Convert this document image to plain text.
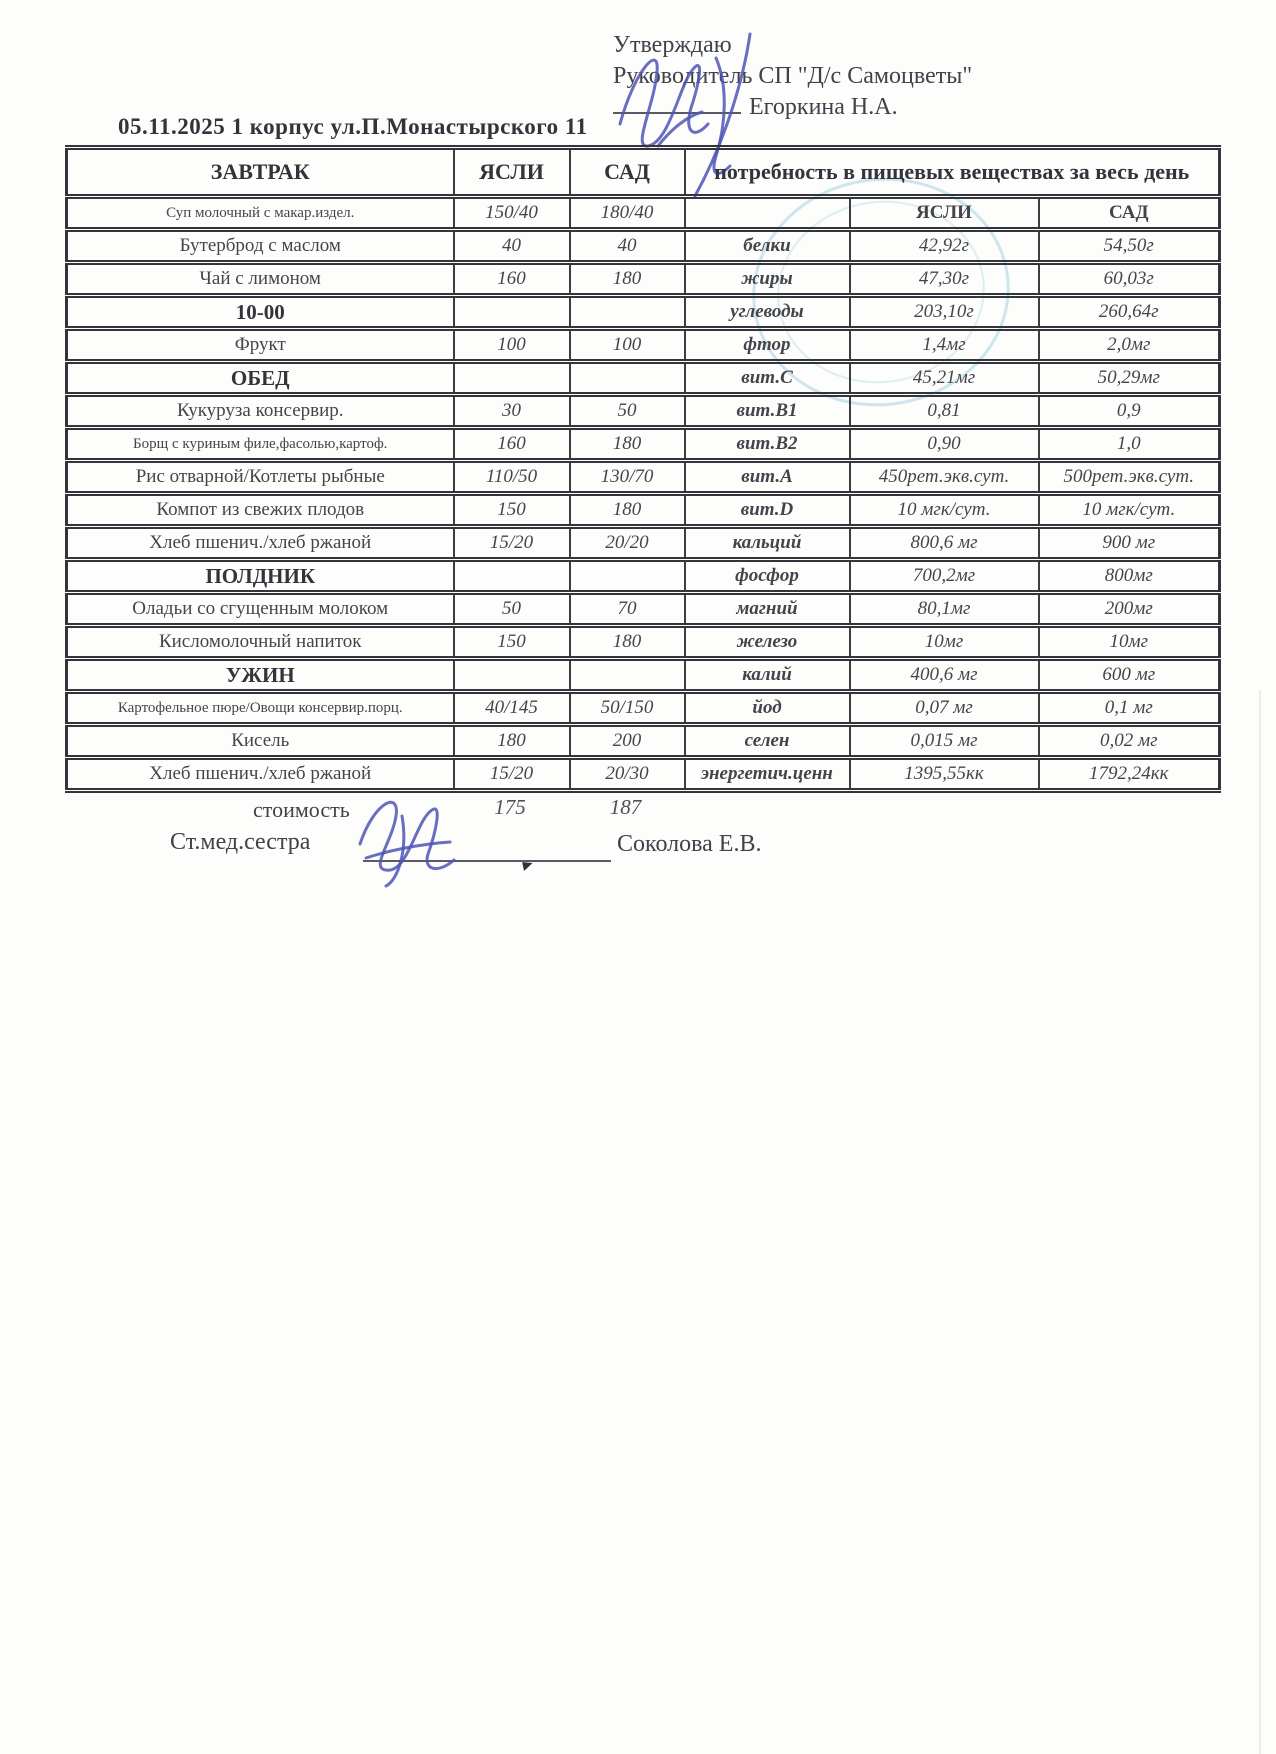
Утверждаю
Руководитель СП "Д/с Самоцветы"
Егоркина Н.А.
05.11.2025 1 корпус ул.П.Монастырского 11
ЗАВТРАК	ЯСЛИ	САД	потребность в пищевых веществах за весь день		
Суп молочный с макар.издел.	150/40	180/40		ЯСЛИ	САД
Бутерброд с маслом	40	40	белки	42,92г	54,50г
Чай с лимоном	160	180	жиры	47,30г	60,03г
10-00			углеводы	203,10г	260,64г
Фрукт	100	100	фтор	1,4мг	2,0мг
ОБЕД			вит.С	45,21мг	50,29мг
Кукуруза консервир.	30	50	вит.В1	0,81	0,9
Борщ с куриным филе,фасолью,картоф.	160	180	вит.В2	0,90	1,0
Рис отварной/Котлеты рыбные	110/50	130/70	вит.А	450рет.экв.сут.	500рет.экв.сут.
Компот из свежих плодов	150	180	вит.D	10 мгк/сут.	10 мгк/сут.
Хлеб пшенич./хлеб ржаной	15/20	20/20	кальций	800,6 мг	900 мг
ПОЛДНИК			фосфор	700,2мг	800мг
Оладьи со сгущенным молоком	50	70	магний	80,1мг	200мг
Кисломолочный напиток	150	180	железо	10мг	10мг
УЖИН			калий	400,6 мг	600 мг
Картофельное пюре/Овощи консервир.порц.	40/145	50/150	йод	0,07 мг	0,1 мг
Кисель	180	200	селен	0,015 мг	0,02 мг
Хлеб пшенич./хлеб ржаной	15/20	20/30	энергетич.ценн	1395,55кк	1792,24кк
стоимость	175	187
Ст.мед.сестра	Соколова Е.В.
